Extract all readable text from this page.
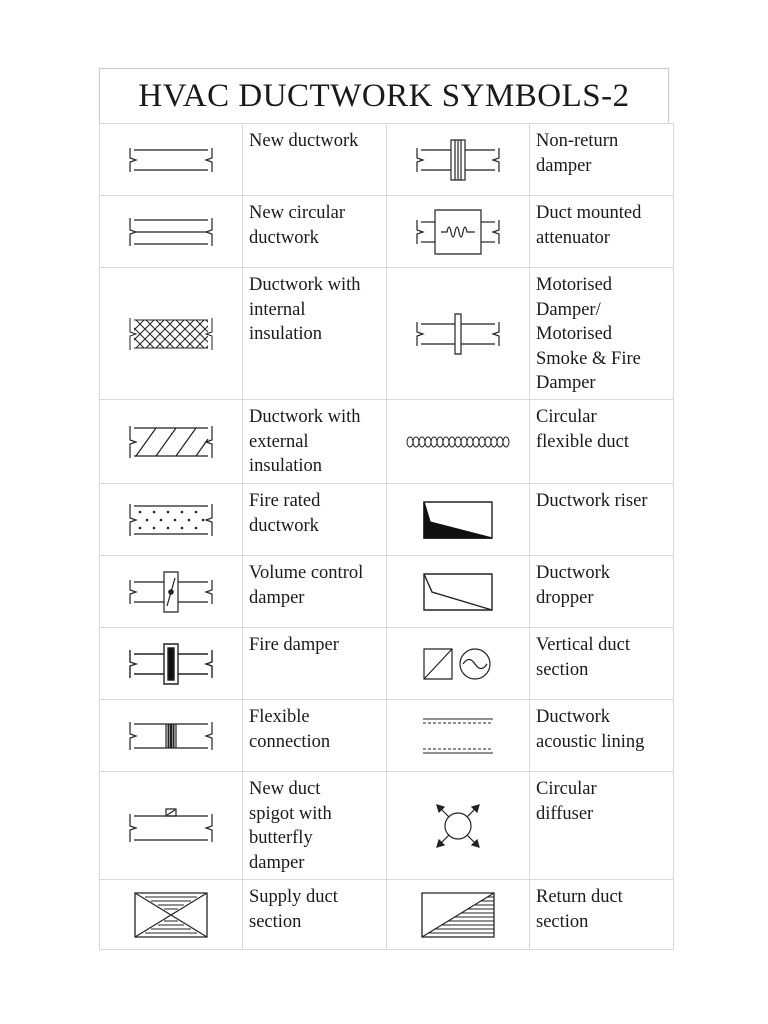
HVAC DUCTWORK SYMBOLS-2

New ductwork		Non-return
damper

New circular
ductwork		Duct mounted
attenuator

Ductwork with
internal
insulation		Motorised
Damper/
Motorised
Smoke & Fire
Damper

Ductwork with
external
insulation		Circular
flexible duct

Fire rated
ductwork		Ductwork riser

Volume control
damper		Ductwork
dropper

Fire damper		Vertical duct
section

Flexible
connection		Ductwork
acoustic lining

New duct
spigot with
butterfly
damper		Circular
diffuser

Supply duct
section		Return duct
section
